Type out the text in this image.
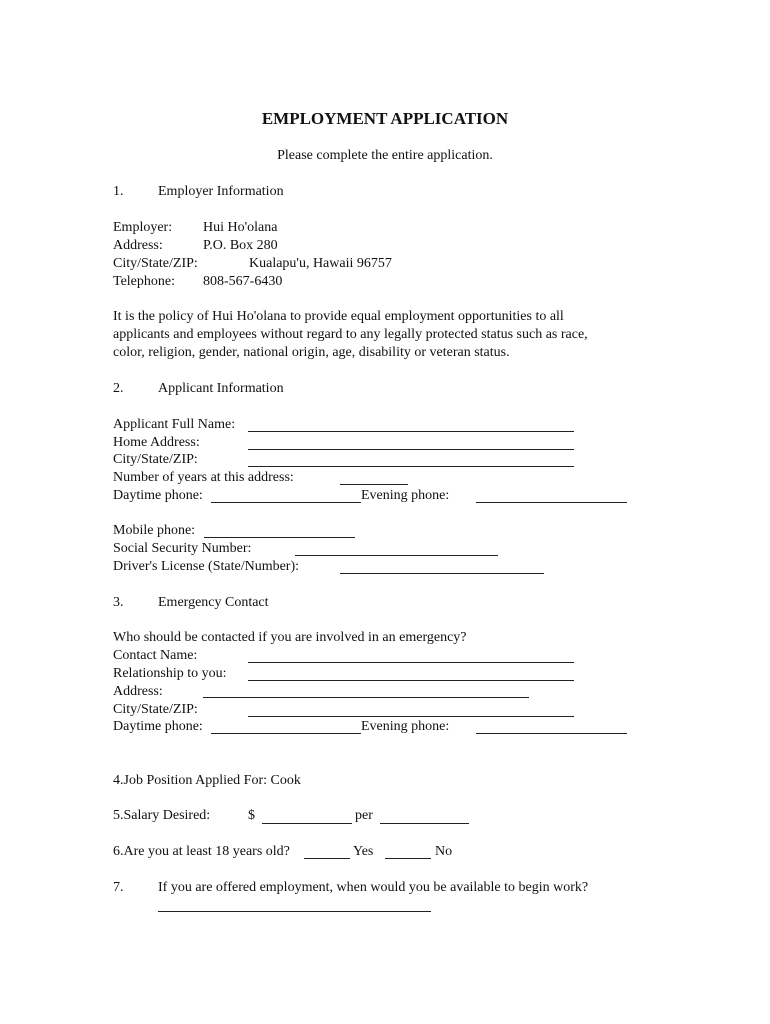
EMPLOYMENT APPLICATION
Please complete the entire application.
1. Employer Information
Employer: Hui Ho'olana
Address:	P.O. Box 280
City/State/ZIP:	Kualapu'u, Hawaii 96757
Telephone: 808-567-6430
It is the policy of Hui Ho'olana to provide equal employment opportunities to all
applicants and employees without regard to any legally protected status such as race,
color, religion, gender, national origin, age, disability or veteran status.
2. Applicant Information
Applicant Full Name:
Home Address:
City/State/ZIP:
Number of years at this address:
Daytime phone:	Evening phone:
Mobile phone:
Social Security Number:
Driver's License (State/Number):
3. Emergency Contact
Who should be contacted if you are involved in an emergency?
Contact Name:
Relationship to you:
Address:
City/State/ZIP:
Daytime phone:	Evening phone:
4.Job Position Applied For: Cook
5.Salary Desired:	$	per
6.Are you at least 18 years old?	Yes	No
7. If you are offered employment, when would you be available to begin work?
